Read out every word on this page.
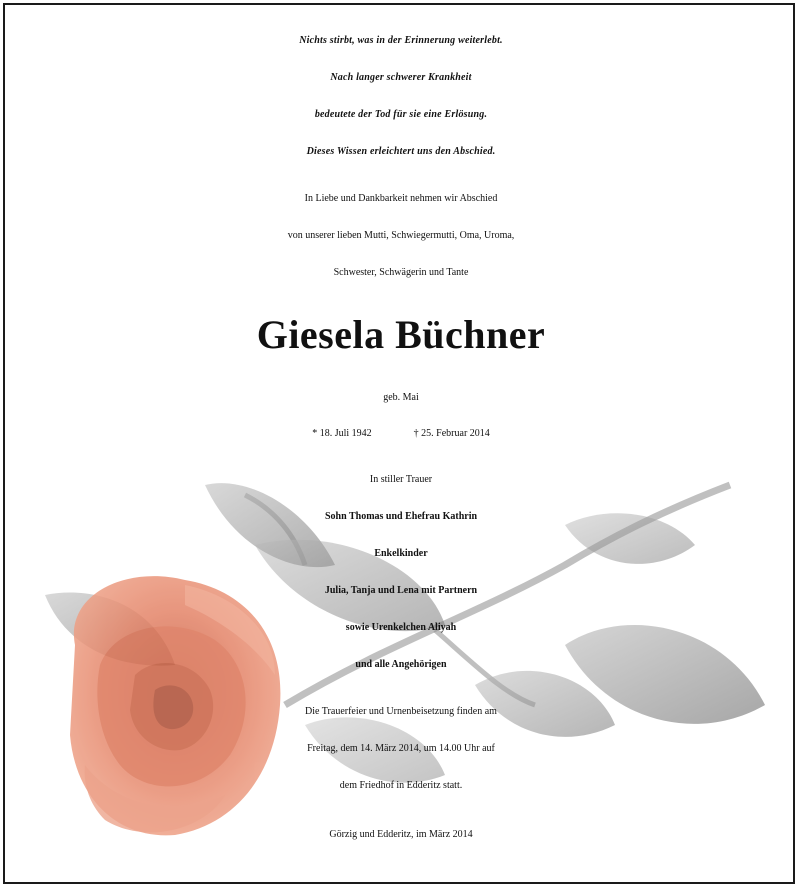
Nichts stirbt, was in der Erinnerung weiterlebt.
Nach langer schwerer Krankheit
bedeutete der Tod für sie eine Erlösung.
Dieses Wissen erleichtert uns den Abschied.
In Liebe und Dankbarkeit nehmen wir Abschied
von unserer lieben Mutti, Schwiegermutti, Oma, Uroma,
Schwester, Schwägerin und Tante
Giesela Büchner
geb. Mai
* 18. Juli 1942	† 25. Februar 2014
In stiller Trauer
Sohn Thomas und Ehefrau Kathrin
Enkelkinder
Julia, Tanja und Lena mit Partnern
sowie Urenkelchen Aliyah
und alle Angehörigen
Die Trauerfeier und Urnenbeisetzung finden am
Freitag, dem 14. März 2014, um 14.00 Uhr auf
dem Friedhof in Edderitz statt.
Görzig und Edderitz, im März 2014
